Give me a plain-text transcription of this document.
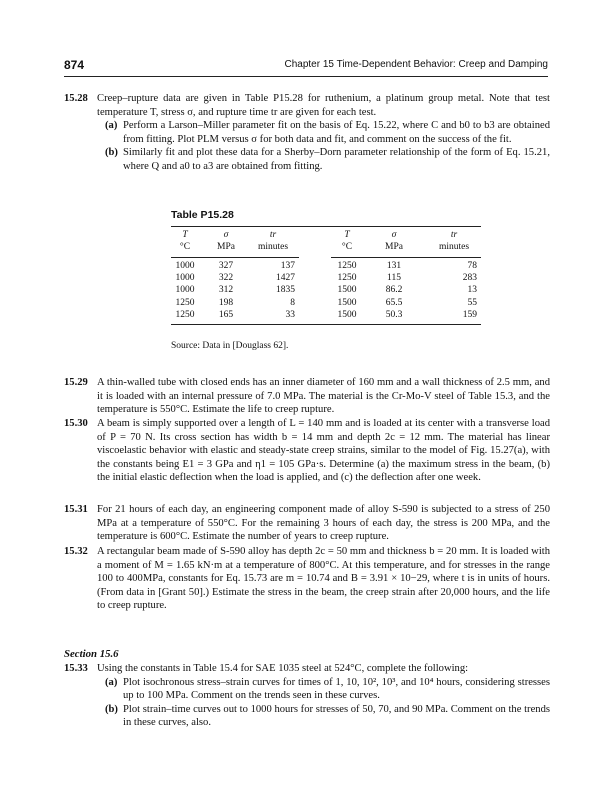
874	Chapter 15 Time-Dependent Behavior: Creep and Damping
15.28 Creep–rupture data are given in Table P15.28 for ruthenium, a platinum group metal. Note that test temperature T, stress σ, and rupture time tr are given for each test.
(a) Perform a Larson–Miller parameter fit on the basis of Eq. 15.22, where C and b0 to b3 are obtained from fitting. Plot PLM versus σ for both data and fit, and comment on the success of the fit.
(b) Similarly fit and plot these data for a Sherby–Dorn parameter relationship of the form of Eq. 15.21, where Q and a0 to a3 are obtained from fitting.
Table P15.28
T	σ	tr	T	σ	tr
°C	MPa	minutes	°C	MPa	minutes
1000	327	137	1250	131	78
1000	322	1427	1250	115	283
1000	312	1835	1500	86.2	13
1250	198	8	1500	65.5	55
1250	165	33	1500	50.3	159
Source: Data in [Douglass 62].
15.29 A thin-walled tube with closed ends has an inner diameter of 160 mm and a wall thickness of 2.5 mm, and it is loaded with an internal pressure of 7.0 MPa. The material is the Cr-Mo-V steel of Table 15.3, and the temperature is 550°C. Estimate the life to creep rupture.
15.30 A beam is simply supported over a length of L = 140 mm and is loaded at its center with a transverse load of P = 70 N. Its cross section has width b = 14 mm and depth 2c = 12 mm. The material has linear viscoelastic behavior with elastic and steady-state creep strains, similar to the model of Fig. 15.27(a), with the constants being E1 = 3 GPa and η1 = 105 GPa·s. Determine (a) the maximum stress in the beam, (b) the initial elastic deflection when the load is applied, and (c) the deflection after one week.
15.31 For 21 hours of each day, an engineering component made of alloy S-590 is subjected to a stress of 250 MPa at a temperature of 550°C. For the remaining 3 hours of each day, the stress is 200 MPa, and the temperature is 600°C. Estimate the number of years to creep rupture.
15.32 A rectangular beam made of S-590 alloy has depth 2c = 50 mm and thickness b = 20 mm. It is loaded with a moment of M = 1.65 kN·m at a temperature of 800°C. At this temperature, and for stresses in the range 100 to 400MPa, constants for Eq. 15.73 are m = 10.74 and B = 3.91 × 10−29, where t is in units of hours. (From data in [Grant 50].) Estimate the stress in the beam, the creep strain after 20,000 hours, and the life to creep rupture.
Section 15.6
15.33 Using the constants in Table 15.4 for SAE 1035 steel at 524°C, complete the following:
(a) Plot isochronous stress–strain curves for times of 1, 10, 10², 10³, and 10⁴ hours, considering stresses up to 100 MPa. Comment on the trends seen in these curves.
(b) Plot strain–time curves out to 1000 hours for stresses of 50, 70, and 90 MPa. Comment on the trends in these curves, also.
